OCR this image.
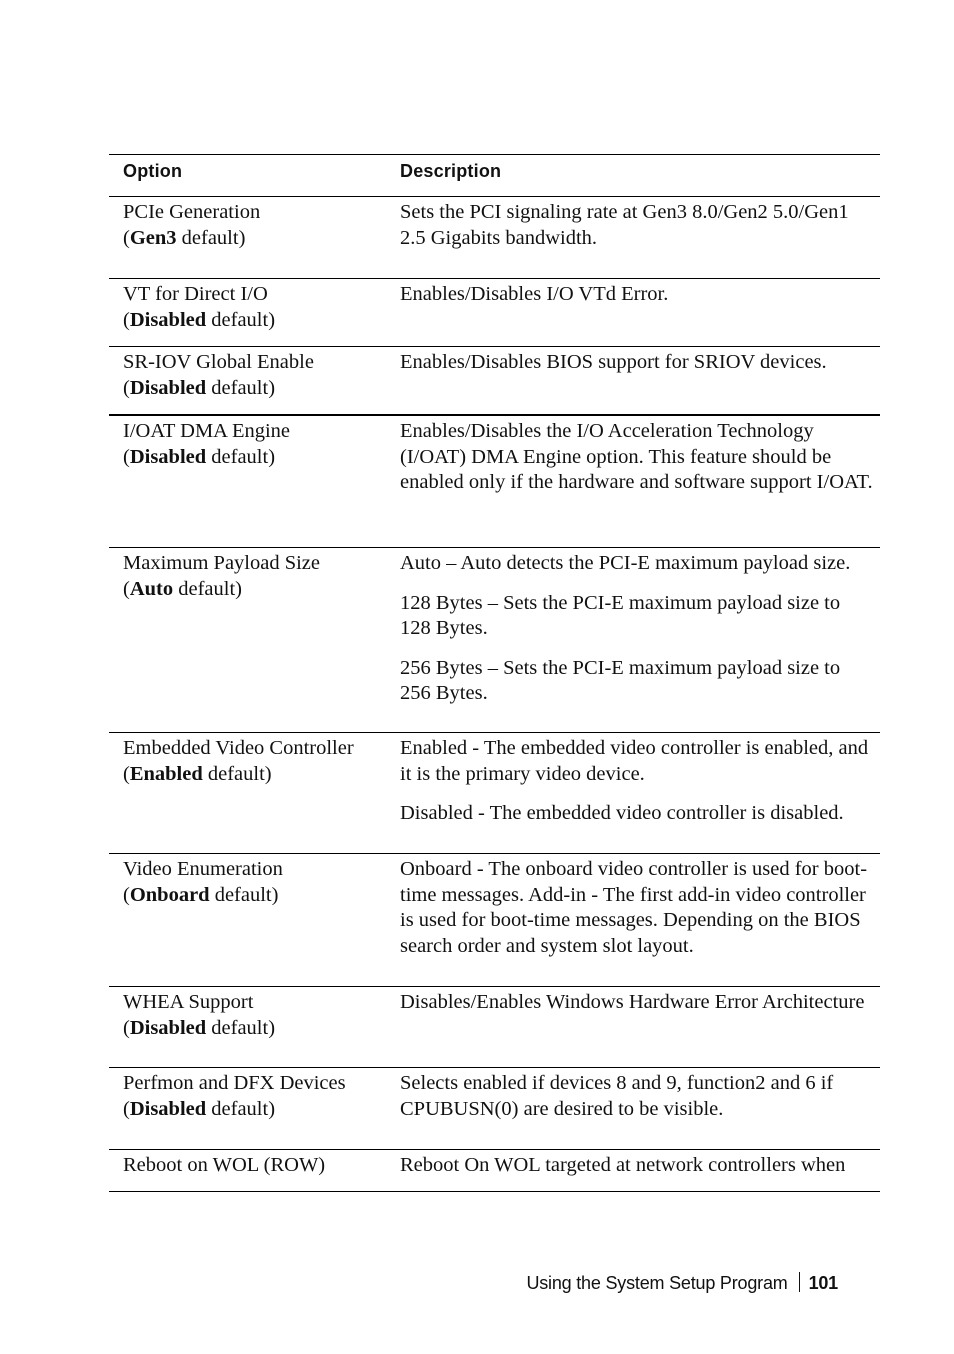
Option	Description
PCIe Generation
(Gen3 default)

Sets the PCI signaling rate at Gen3 8.0/Gen2 5.0/Gen1 2.5 Gigabits bandwidth.

VT for Direct I/O
(Disabled default)

Enables/Disables I/O VTd Error.

SR-IOV Global Enable
(Disabled default)

Enables/Disables BIOS support for SRIOV devices.

I/OAT DMA Engine
(Disabled default)

Enables/Disables the I/O Acceleration Technology (I/OAT) DMA Engine option. This feature should be enabled only if the hardware and software support I/OAT.

Maximum Payload Size
(Auto default)

Auto – Auto detects the PCI-E maximum payload size.

128 Bytes – Sets the PCI-E maximum payload size to 128 Bytes.

256 Bytes – Sets the PCI-E maximum payload size to 256 Bytes.

Embedded Video Controller
(Enabled default)

Enabled - The embedded video controller is enabled, and it is the primary video device.

Disabled - The embedded video controller is disabled.

Video Enumeration
(Onboard default)

Onboard - The onboard video controller is used for boot-time messages. Add-in - The first add-in video controller is used for boot-time messages. Depending on the BIOS search order and system slot layout.

WHEA Support
(Disabled default)

Disables/Enables Windows Hardware Error Architecture

Perfmon and DFX Devices
(Disabled default)

Selects enabled if devices 8 and 9, function2 and 6 if CPUBUSN(0) are desired to be visible.

Reboot on WOL (ROW)	Reboot On WOL targeted at network controllers when

Using the System Setup Program 101
